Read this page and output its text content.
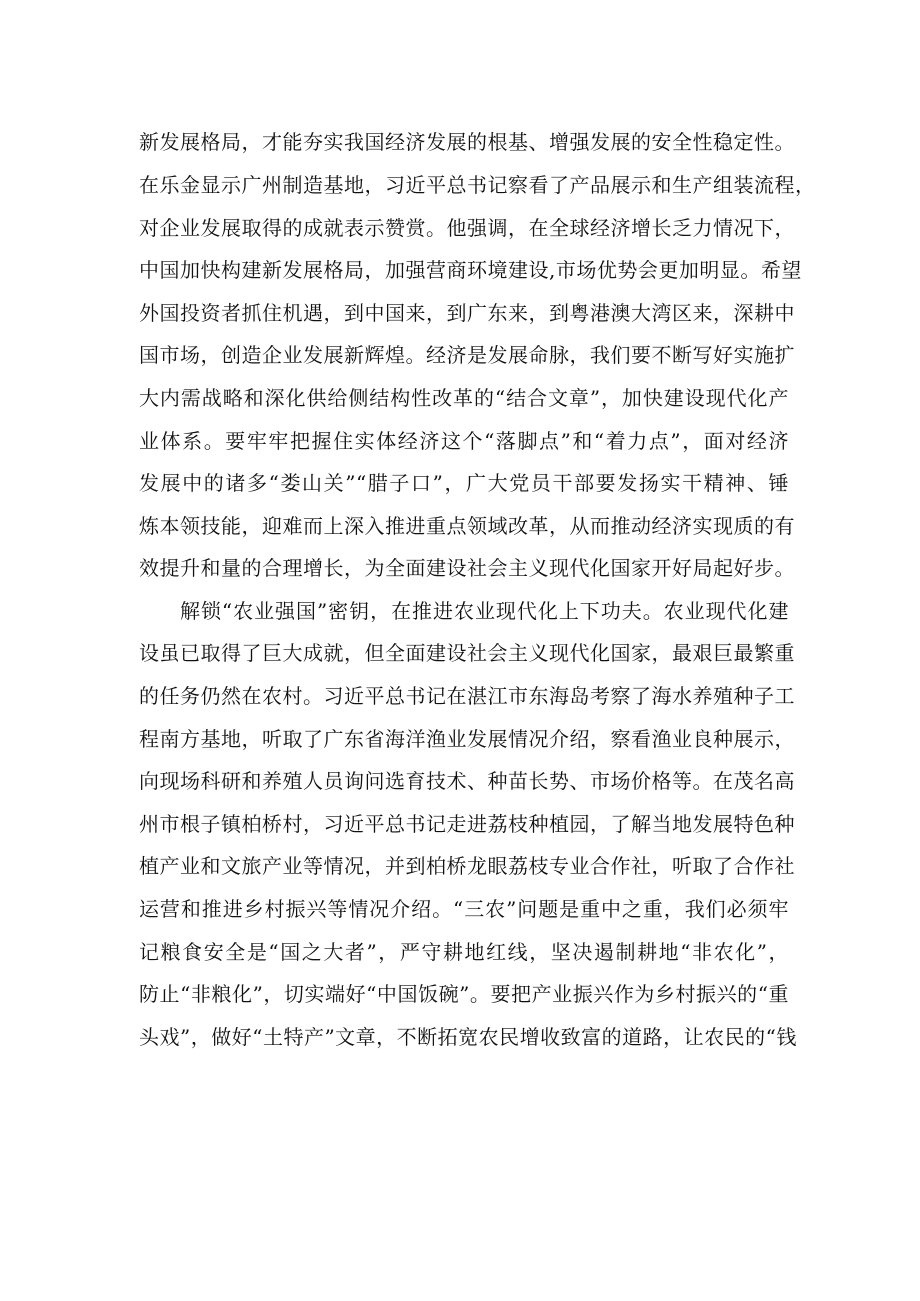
新发展格局，才能夯实我国经济发展的根基、增强发展的安全性稳定性。
在乐金显示广州制造基地，习近平总书记察看了产品展示和生产组装流程，
对企业发展取得的成就表示赞赏。他强调，在全球经济增长乏力情况下，
中国加快构建新发展格局，加强营商环境建设,市场优势会更加明显。希望
外国投资者抓住机遇，到中国来，到广东来，到粤港澳大湾区来，深耕中
国市场，创造企业发展新辉煌。经济是发展命脉，我们要不断写好实施扩
大内需战略和深化供给侧结构性改革的“结合文章”，加快建设现代化产
业体系。要牢牢把握住实体经济这个“落脚点”和“着力点”，面对经济
发展中的诸多“娄山关”“腊子口”，广大党员干部要发扬实干精神、锤
炼本领技能，迎难而上深入推进重点领域改革，从而推动经济实现质的有
效提升和量的合理增长，为全面建设社会主义现代化国家开好局起好步。
解锁“农业强国”密钥，在推进农业现代化上下功夫。农业现代化建
设虽已取得了巨大成就，但全面建设社会主义现代化国家，最艰巨最繁重
的任务仍然在农村。习近平总书记在湛江市东海岛考察了海水养殖种子工
程南方基地，听取了广东省海洋渔业发展情况介绍，察看渔业良种展示，
向现场科研和养殖人员询问选育技术、种苗长势、市场价格等。在茂名高
州市根子镇柏桥村，习近平总书记走进荔枝种植园，了解当地发展特色种
植产业和文旅产业等情况，并到柏桥龙眼荔枝专业合作社，听取了合作社
运营和推进乡村振兴等情况介绍。“三农”问题是重中之重，我们必须牢
记粮食安全是“国之大者”，严守耕地红线，坚决遏制耕地“非农化”，
防止“非粮化”，切实端好“中国饭碗”。要把产业振兴作为乡村振兴的“重
头戏”，做好“土特产”文章，不断拓宽农民增收致富的道路，让农民的“钱
